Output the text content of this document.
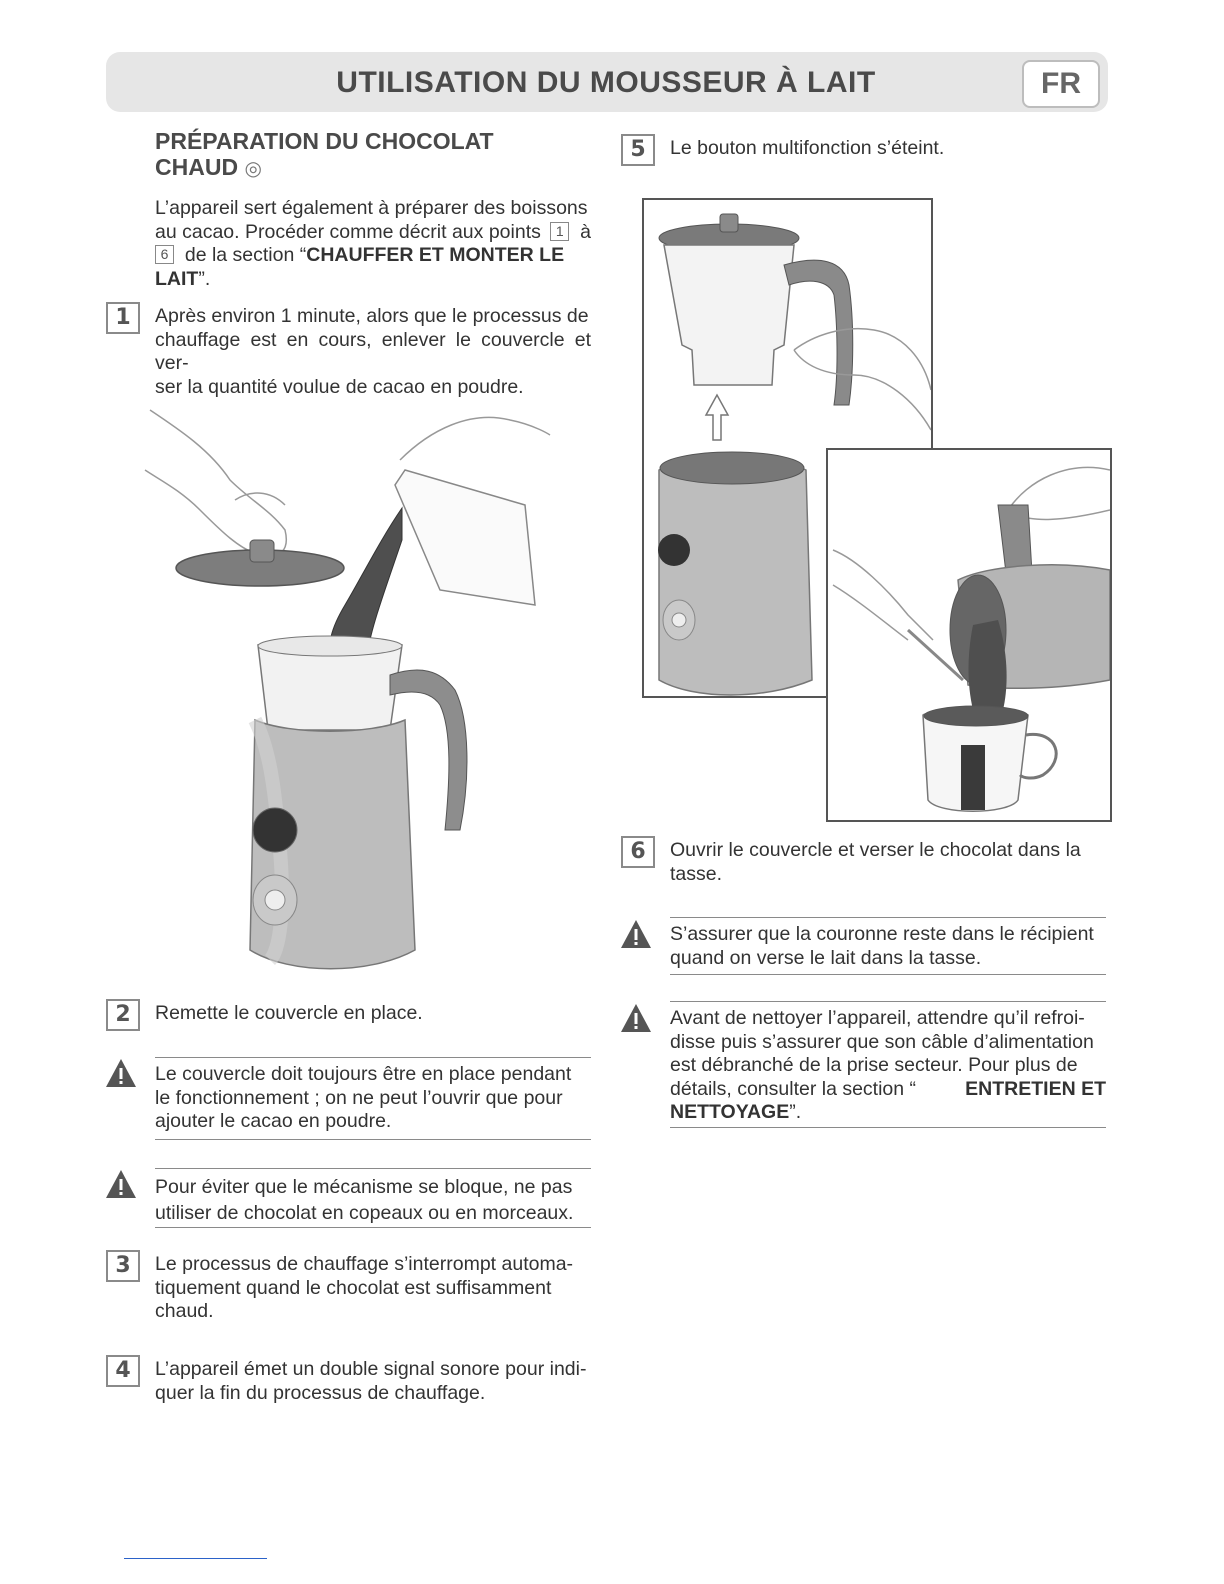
UTILISATION DU MOUSSEUR À LAIT	FR
PRÉPARATION DU CHOCOLAT
CHAUD ◎
L’appareil sert également à préparer des boissons
au cacao. Procéder comme décrit aux points	1 à
6 de la section “CHAUFFER ET MONTER LE
LAIT”.
1	Après environ 1 minute, alors que le processus de
chauffage est en cours, enlever le couvercle et ver-
ser la quantité voulue de cacao en poudre.
2	Remette le couvercle en place.
Le couvercle doit toujours être en place pendant
le fonctionnement ; on ne peut l’ouvrir que pour
ajouter le cacao en poudre.
Pour éviter que le mécanisme se bloque, ne pas
utiliser de chocolat en copeaux ou en morceaux.
3	Le processus de chauffage s’interrompt automa-
tiquement quand le chocolat est suffisamment
chaud.
4	L’appareil émet un double signal sonore pour indi-
quer la fin du processus de chauffage.
5	Le bouton multifonction s’éteint.
6	Ouvrir le couvercle et verser le chocolat dans la
tasse.
S’assurer que la couronne reste dans le récipient
quand on verse le lait dans la tasse.
Avant de nettoyer l’appareil, attendre qu’il refroi-
disse puis s’assurer que son câble d’alimentation
est débranché de la prise secteur. Pour plus de
détails, consulter la section “	ENTRETIEN ET
NETTOYAGE”.
